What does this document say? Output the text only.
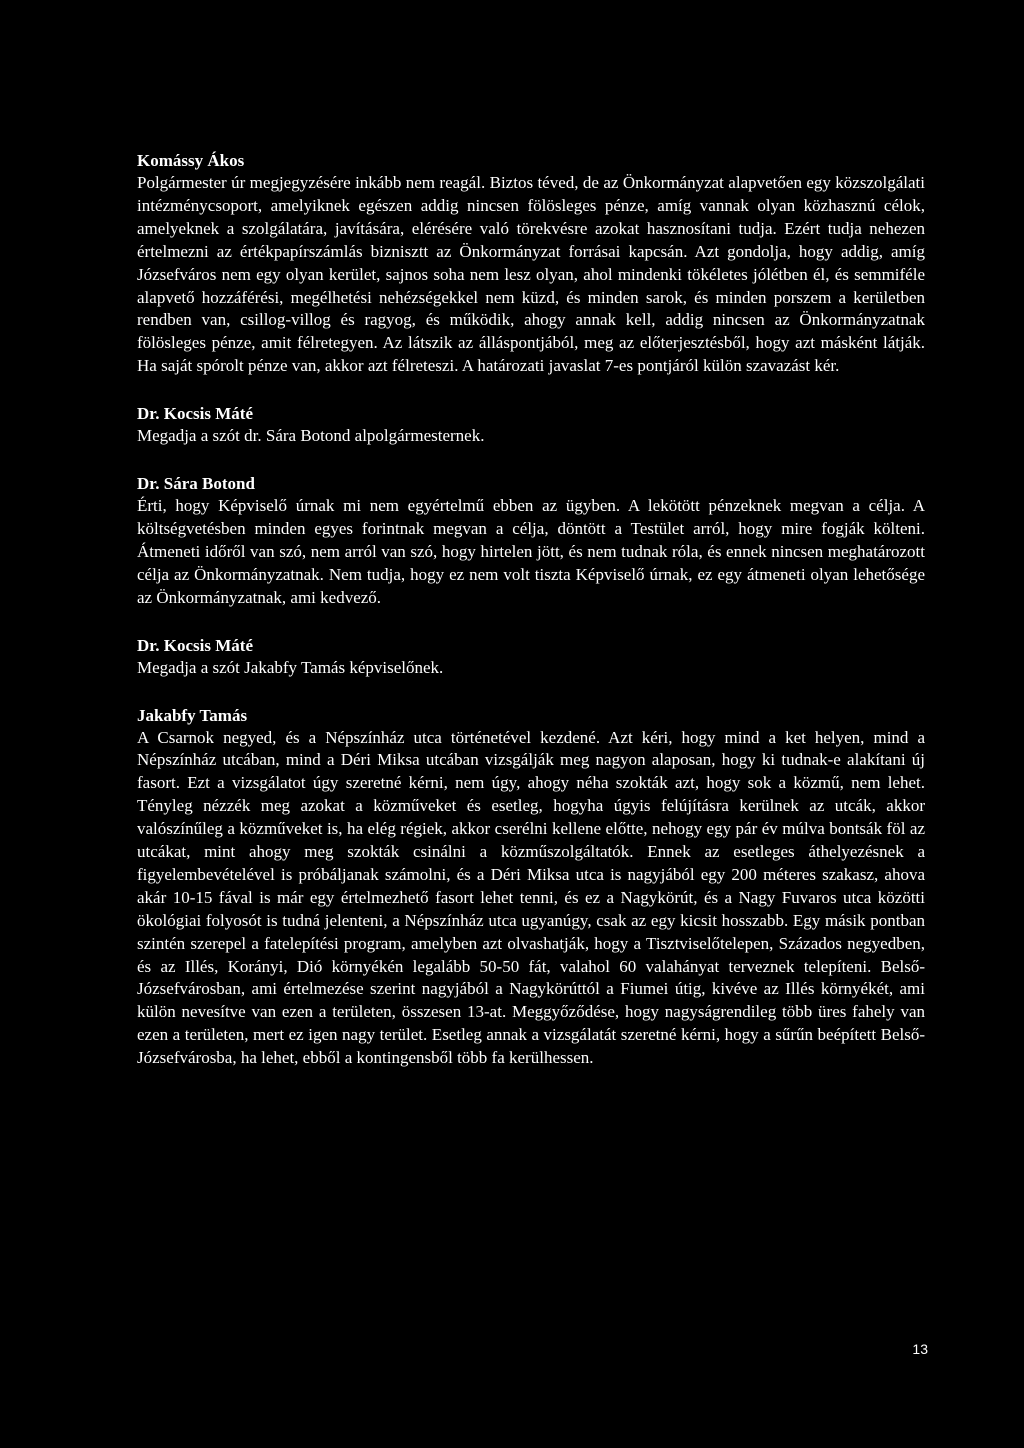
Komássy Ákos

Polgármester úr megjegyzésére inkább nem reagál. Biztos téved, de az Önkormányzat alapvetően egy közszolgálati intézménycsoport, amelyiknek egészen addig nincsen fölösleges pénze, amíg vannak olyan közhasznú célok, amelyeknek a szolgálatára, javítására, elérésére való törekvésre azokat hasznosítani tudja. Ezért tudja nehezen értelmezni az értékpapírszámlás biznisztt az Önkormányzat forrásai kapcsán. Azt gondolja, hogy addig, amíg Józsefváros nem egy olyan kerület, sajnos soha nem lesz olyan, ahol mindenki tökéletes jólétben él, és semmiféle alapvető hozzáférési, megélhetési nehézségekkel nem küzd, és minden sarok, és minden porszem a kerületben rendben van, csillog-villog és ragyog, és működik, ahogy annak kell, addig nincsen az Önkormányzatnak fölösleges pénze, amit félretegyen. Az látszik az álláspontjából, meg az előterjesztésből, hogy azt másként látják. Ha saját spórolt pénze van, akkor azt félreteszi. A határozati javaslat 7-es pontjáról külön szavazást kér.

Dr. Kocsis Máté

Megadja a szót dr. Sára Botond alpolgármesternek.

Dr. Sára Botond

Érti, hogy Képviselő úrnak mi nem egyértelmű ebben az ügyben. A lekötött pénzeknek megvan a célja. A költségvetésben minden egyes forintnak megvan a célja, döntött a Testület arról, hogy mire fogják költeni. Átmeneti időről van szó, nem arról van szó, hogy hirtelen jött, és nem tudnak róla, és ennek nincsen meghatározott célja az Önkormányzatnak. Nem tudja, hogy ez nem volt tiszta Képviselő úrnak, ez egy átmeneti olyan lehetősége az Önkormányzatnak, ami kedvező.

Dr. Kocsis Máté

Megadja a szót Jakabfy Tamás képviselőnek.

Jakabfy Tamás

A Csarnok negyed, és a Népszínház utca történetével kezdené. Azt kéri, hogy mind a ket helyen, mind a Népszínház utcában, mind a Déri Miksa utcában vizsgálják meg nagyon alaposan, hogy ki tudnak-e alakítani új fasort. Ezt a vizsgálatot úgy szeretné kérni, nem úgy, ahogy néha szokták azt, hogy sok a közmű, nem lehet. Tényleg nézzék meg azokat a közműveket és esetleg, hogyha úgyis felújításra kerülnek az utcák, akkor valószínűleg a közműveket is, ha elég régiek, akkor cserélni kellene előtte, nehogy egy pár év múlva bontsák föl az utcákat, mint ahogy meg szokták csinálni a közműszolgáltatók. Ennek az esetleges áthelyezésnek a figyelembevételével is próbáljanak számolni, és a Déri Miksa utca is nagyjából egy 200 méteres szakasz, ahova akár 10-15 fával is már egy értelmezhető fasort lehet tenni, és ez a Nagykörút, és a Nagy Fuvaros utca közötti ökológiai folyosót is tudná jelenteni, a Népszínház utca ugyanúgy, csak az egy kicsit hosszabb. Egy másik pontban szintén szerepel a fatelepítési program, amelyben azt olvashatják, hogy a Tisztviselőtelepen, Százados negyedben, és az Illés, Korányi, Dió környékén legalább 50-50 fát, valahol 60 valahányat terveznek telepíteni. Belső-Józsefvárosban, ami értelmezése szerint nagyjából a Nagykörúttól a Fiumei útig, kivéve az Illés környékét, ami külön nevesítve van ezen a területen, összesen 13-at. Meggyőződése, hogy nagyságrendileg több üres fahely van ezen a területen, mert ez igen nagy terület. Esetleg annak a vizsgálatát szeretné kérni, hogy a sűrűn beépített Belső-Józsefvárosba, ha lehet, ebből a kontingensből több fa kerülhessen.

13
